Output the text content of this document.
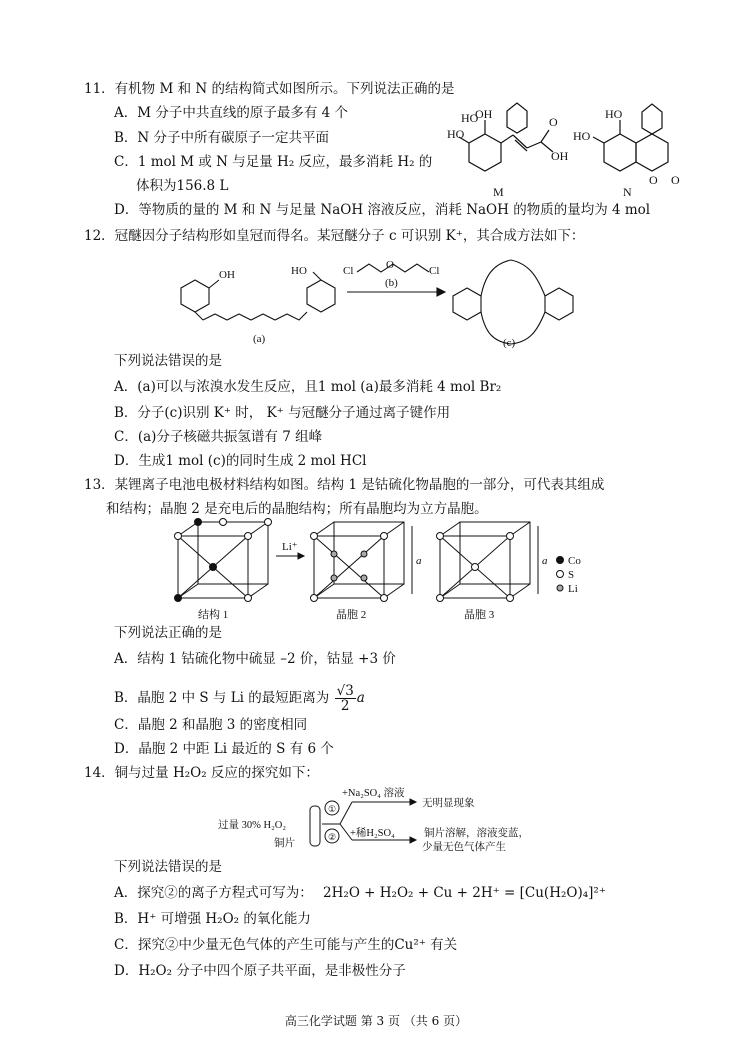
11．有机物 M 和 N 的结构简式如图所示。下列说法正确的是
A．M 分子中共直线的原子最多有 4 个
B．N 分子中所有碳原子一定共平面
C．1 mol M 或 N 与足量 H₂ 反应，最多消耗 H₂ 的
体积为156.8 L
D．等物质的量的 M 和 N 与足量 NaOH 溶液反应，消耗 NaOH 的物质的量均为 4 mol
OH
HO
HO	O
OH
M
HO
HO
O O
N
12．冠醚因分子结构形如皇冠而得名。某冠醚分子 c 可识别 K⁺，其合成方法如下：
OH	HO	Cl	Cl
O
(b)
(a)	(c)
下列说法错误的是
A．(a)可以与浓溴水发生反应，且1 mol (a)最多消耗 4 mol Br₂
B．分子(c)识别 K⁺ 时， K⁺ 与冠醚分子通过离子键作用
C．(a)分子核磁共振氢谱有 7 组峰
D．生成1 mol (c)的同时生成 2 mol HCl
13．某锂离子电池电极材料结构如图。结构 1 是钴硫化物晶胞的一部分，可代表其组成
和结构；晶胞 2 是充电后的晶胞结构；所有晶胞均为立方晶胞。
Li⁺
a	a Co
S
Li
结构 1	晶胞 2	晶胞 3
下列说法正确的是
A．结构 1 钴硫化物中硫显 –2 价，钴显 +3 价
B．晶胞 2 中 S 与 Li 的最短距离为 $\frac{√3}{2}$ a
C．晶胞 2 和晶胞 3 的密度相同
D．晶胞 2 中距 Li 最近的 S 有 6 个
14．铜与过量 H₂O₂ 反应的探究如下：
①
②
+Na₂SO₄ 溶液
无明显现象
+稀H₂SO₄	铜片溶解，溶液变蓝，
少量无色气体产生
过量 30% H₂O₂
铜片
下列说法错误的是
A．探究②的离子方程式可写为： 2H₂O + H₂O₂ + Cu + 2H⁺ = [Cu(H₂O)₄]²⁺
B．H⁺ 可增强 H₂O₂ 的氧化能力
C．探究②中少量无色气体的产生可能与产生的Cu²⁺ 有关
D．H₂O₂ 分子中四个原子共平面，是非极性分子
高三化学试题 第 3 页 （共 6 页）
